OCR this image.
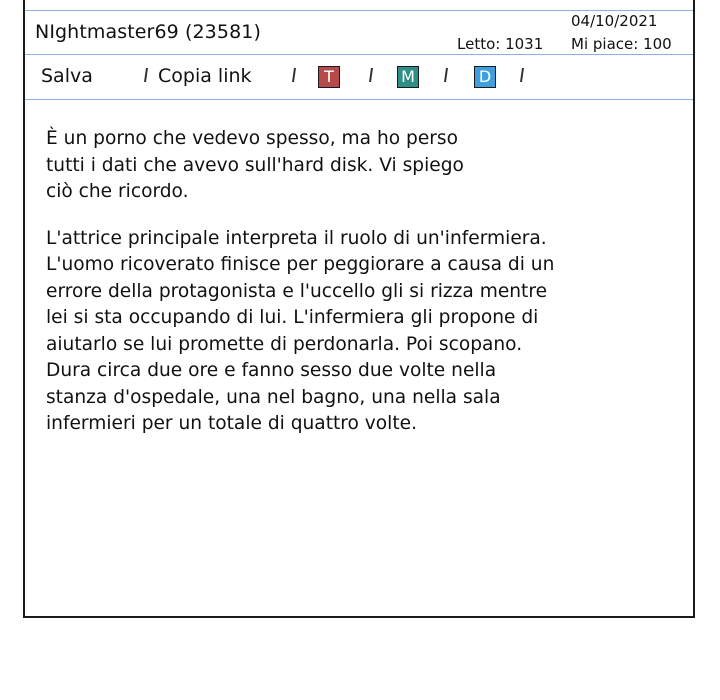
NIghtmaster69 (23581)	04/10/2021
Letto: 1031 Mi piace: 100
Salva	Copia link	T	M	D

È un porno che vedevo spesso, ma ho perso
tutti i dati che avevo sull'hard disk. Vi spiego
ciò che ricordo.

L'attrice principale interpreta il ruolo di un'infermiera.
L'uomo ricoverato finisce per peggiorare a causa di un
errore della protagonista e l'uccello gli si rizza mentre
lei si sta occupando di lui. L'infermiera gli propone di
aiutarlo se lui promette di perdonarla. Poi scopano.
Dura circa due ore e fanno sesso due volte nella
stanza d'ospedale, una nel bagno, una nella sala
infermieri per un totale di quattro volte.
